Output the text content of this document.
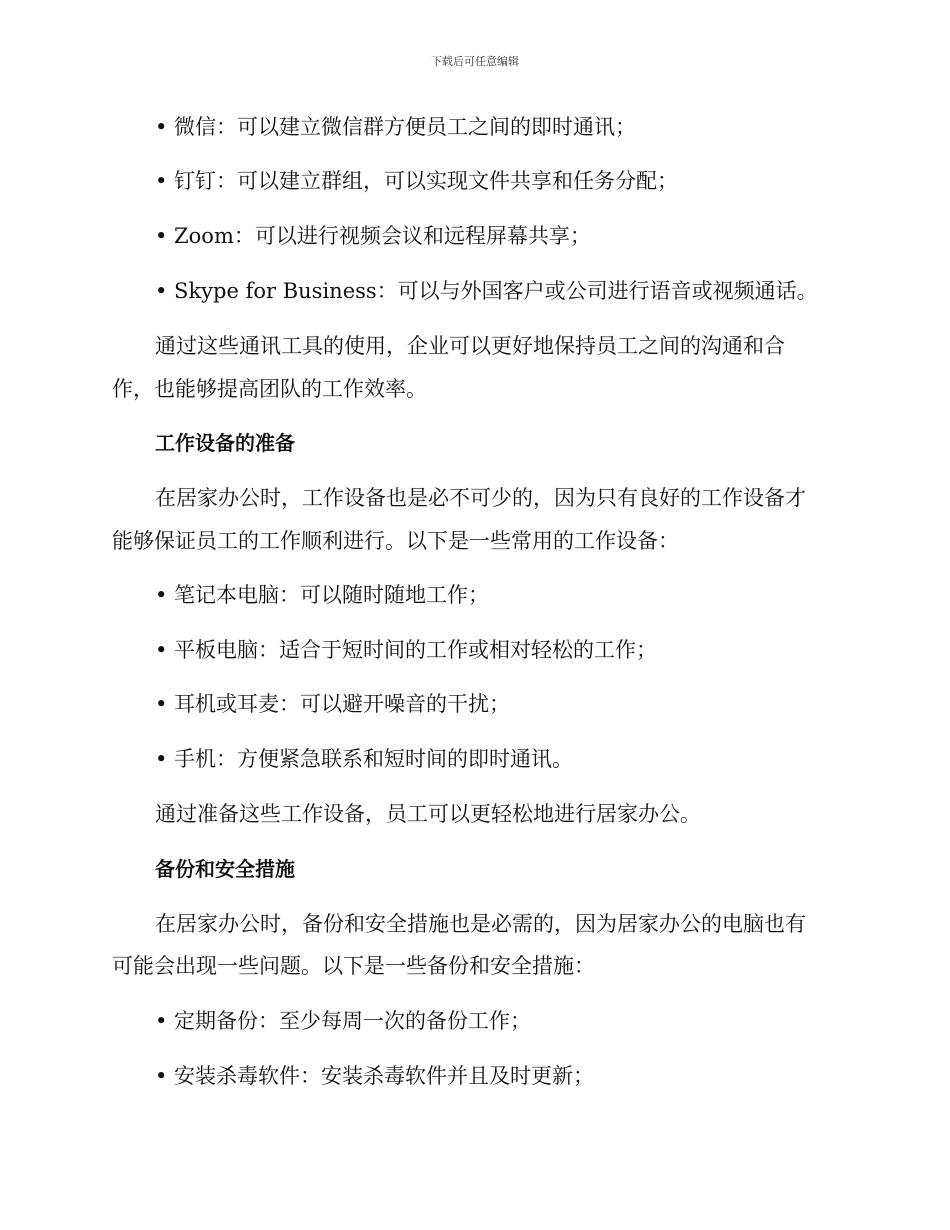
下载后可任意编辑
• 微信：可以建立微信群方便员工之间的即时通讯；
• 钉钉：可以建立群组，可以实现文件共享和任务分配；
• Zoom：可以进行视频会议和远程屏幕共享；
• Skype for Business：可以与外国客户或公司进行语音或视频通话。
通过这些通讯工具的使用，企业可以更好地保持员工之间的沟通和合
作，也能够提高团队的工作效率。
工作设备的准备
在居家办公时，工作设备也是必不可少的，因为只有良好的工作设备才
能够保证员工的工作顺利进行。以下是一些常用的工作设备：
• 笔记本电脑：可以随时随地工作；
• 平板电脑：适合于短时间的工作或相对轻松的工作；
• 耳机或耳麦：可以避开噪音的干扰；
• 手机：方便紧急联系和短时间的即时通讯。
通过准备这些工作设备，员工可以更轻松地进行居家办公。
备份和安全措施
在居家办公时，备份和安全措施也是必需的，因为居家办公的电脑也有
可能会出现一些问题。以下是一些备份和安全措施：
• 定期备份：至少每周一次的备份工作；
• 安装杀毒软件：安装杀毒软件并且及时更新；
